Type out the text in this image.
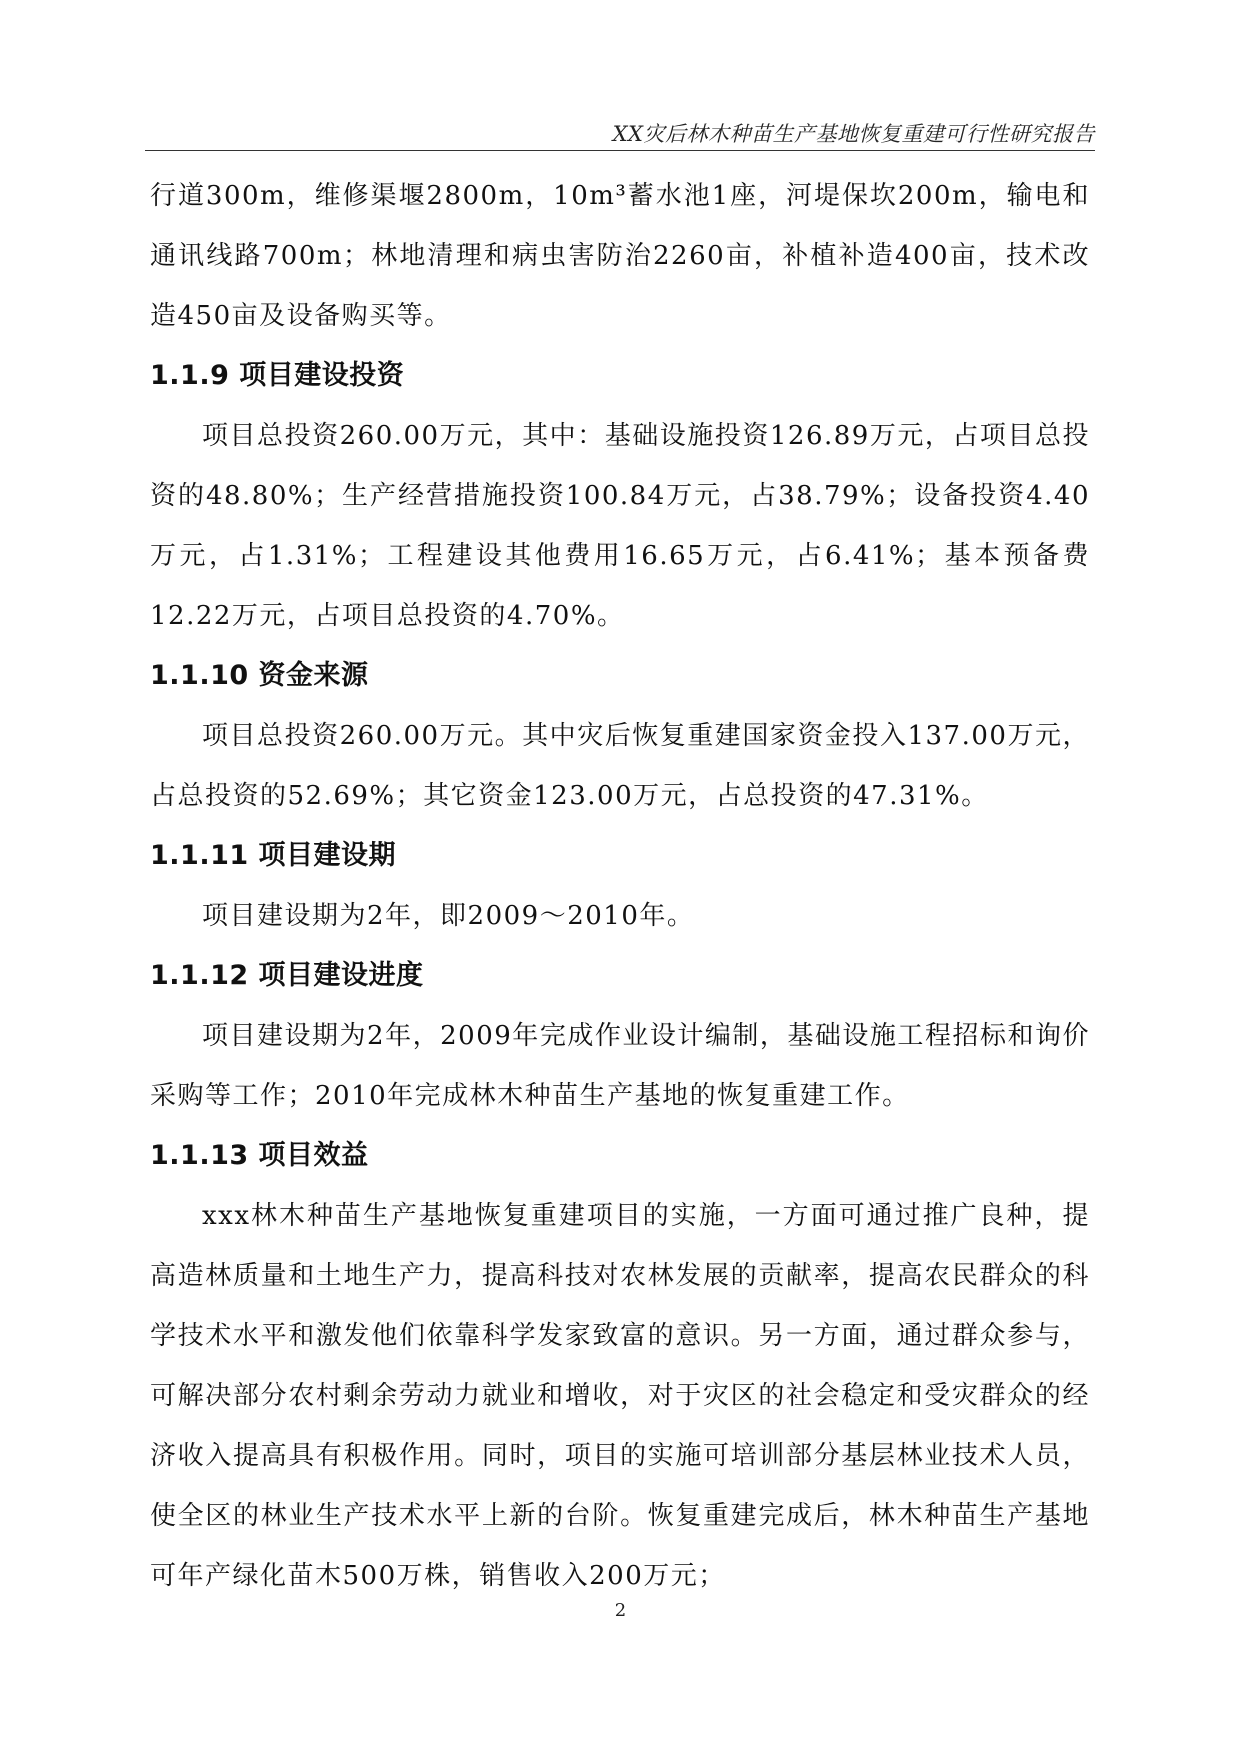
XX灾后林木种苗生产基地恢复重建可行性研究报告

行道300m，维修渠堰2800m，10m³蓄水池1座，河堤保坎200m，输电和通讯线路700m；林地清理和病虫害防治2260亩，补植补造400亩，技术改造450亩及设备购买等。

1.1.9 项目建设投资

项目总投资260.00万元，其中：基础设施投资126.89万元，占项目总投资的48.80%；生产经营措施投资100.84万元，占38.79%；设备投资4.40万元，占1.31%；工程建设其他费用16.65万元，占6.41%；基本预备费12.22万元，占项目总投资的4.70%。

1.1.10 资金来源

项目总投资260.00万元。其中灾后恢复重建国家资金投入137.00万元，占总投资的52.69%；其它资金123.00万元，占总投资的47.31%。

1.1.11 项目建设期

项目建设期为2年，即2009～2010年。

1.1.12 项目建设进度

项目建设期为2年，2009年完成作业设计编制，基础设施工程招标和询价采购等工作；2010年完成林木种苗生产基地的恢复重建工作。

1.1.13 项目效益

xxx林木种苗生产基地恢复重建项目的实施，一方面可通过推广良种，提高造林质量和土地生产力，提高科技对农林发展的贡献率，提高农民群众的科学技术水平和激发他们依靠科学发家致富的意识。另一方面，通过群众参与，可解决部分农村剩余劳动力就业和增收，对于灾区的社会稳定和受灾群众的经济收入提高具有积极作用。同时，项目的实施可培训部分基层林业技术人员，使全区的林业生产技术水平上新的台阶。恢复重建完成后，林木种苗生产基地可年产绿化苗木500万株，销售收入200万元；

2
